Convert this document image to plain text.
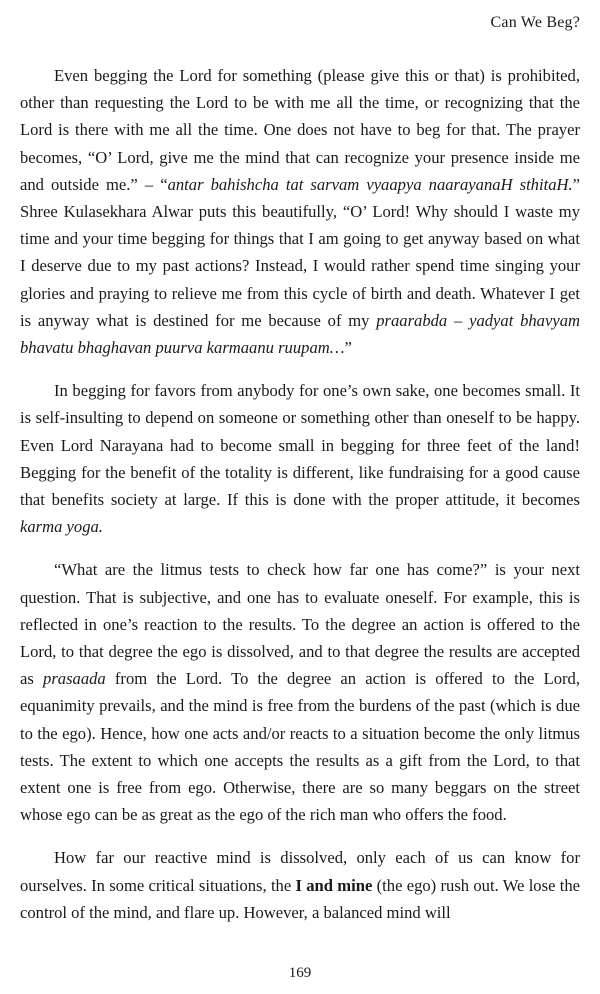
Can We Beg?

Even begging the Lord for something (please give this or that) is prohibited, other than requesting the Lord to be with me all the time, or recognizing that the Lord is there with me all the time. One does not have to beg for that. The prayer becomes, “O’ Lord, give me the mind that can recognize your presence inside me and outside me.” – “antar bahishcha tat sarvam vyaapya naarayanaH sthitaH.” Shree Kulasekhara Alwar puts this beautifully, “O’ Lord! Why should I waste my time and your time begging for things that I am going to get anyway based on what I deserve due to my past actions? Instead, I would rather spend time singing your glories and praying to relieve me from this cycle of birth and death. Whatever I get is anyway what is destined for me because of my praarabda – yadyat bhavyam bhavatu bhaghavan puurva karmaanu ruupam…”

In begging for favors from anybody for one’s own sake, one becomes small. It is self-insulting to depend on someone or something other than oneself to be happy. Even Lord Narayana had to become small in begging for three feet of the land! Begging for the benefit of the totality is different, like fundraising for a good cause that benefits society at large. If this is done with the proper attitude, it becomes karma yoga.

“What are the litmus tests to check how far one has come?” is your next question. That is subjective, and one has to evaluate oneself. For example, this is reflected in one’s reaction to the results. To the degree an action is offered to the Lord, to that degree the ego is dissolved, and to that degree the results are accepted as prasaada from the Lord. To the degree an action is offered to the Lord, equanimity prevails, and the mind is free from the burdens of the past (which is due to the ego). Hence, how one acts and/or reacts to a situation become the only litmus tests. The extent to which one accepts the results as a gift from the Lord, to that extent one is free from ego. Otherwise, there are so many beggars on the street whose ego can be as great as the ego of the rich man who offers the food.

How far our reactive mind is dissolved, only each of us can know for ourselves. In some critical situations, the I and mine (the ego) rush out. We lose the control of the mind, and flare up. However, a balanced mind will

169
